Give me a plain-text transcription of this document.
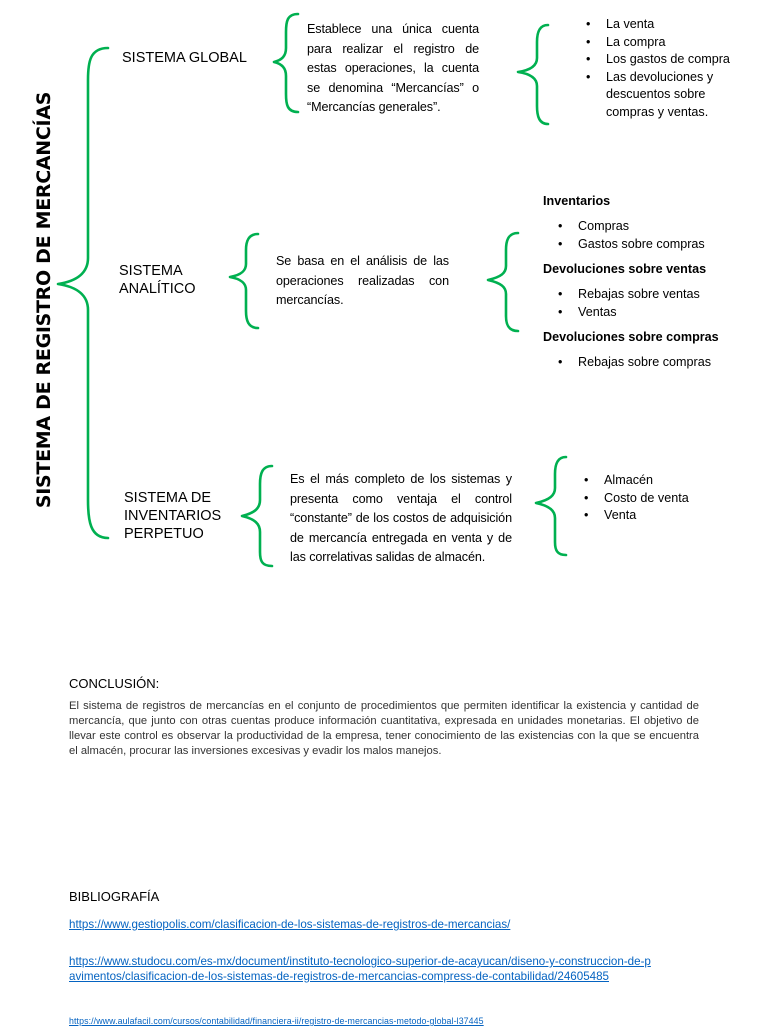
SISTEMA DE REGISTRO DE MERCANCÍAS
SISTEMA GLOBAL
Establece una única cuenta para realizar el registro de estas operaciones, la cuenta se denomina “Mercancías” o “Mercancías generales”.
• La venta
• La compra
• Los gastos de compra
• Las devoluciones y descuentos sobre compras y ventas.
SISTEMA
ANALÍTICO
Se basa en el análisis de las operaciones realizadas con mercancías.
Inventarios
• Compras
• Gastos sobre compras
Devoluciones sobre ventas
• Rebajas sobre ventas
• Ventas
Devoluciones sobre compras
• Rebajas sobre compras
SISTEMA DE
INVENTARIOS
PERPETUO
Es el más completo de los sistemas y presenta como ventaja el control “constante” de los costos de adquisición de mercancía entregada en venta y de las correlativas salidas de almacén.
• Almacén
• Costo de venta
• Venta
CONCLUSIÓN:
El sistema de registros de mercancías en el conjunto de procedimientos que permiten identificar la existencia y cantidad de mercancía, que junto con otras cuentas produce información cuantitativa, expresada en unidades monetarias. El objetivo de llevar este control es observar la productividad de la empresa, tener conocimiento de las existencias con la que se encuentra el almacén, procurar las inversiones excesivas y evadir los malos manejos.
BIBLIOGRAFÍA
https://www.gestiopolis.com/clasificacion-de-los-sistemas-de-registros-de-mercancias/
https://www.studocu.com/es-mx/document/instituto-tecnologico-superior-de-acayucan/diseno-y-construccion-de-pavimentos/clasificacion-de-los-sistemas-de-registros-de-mercancias-compress-de-contabilidad/24605485
https://www.aulafacil.com/cursos/contabilidad/financiera-ii/registro-de-mercancias-metodo-global-l37445
